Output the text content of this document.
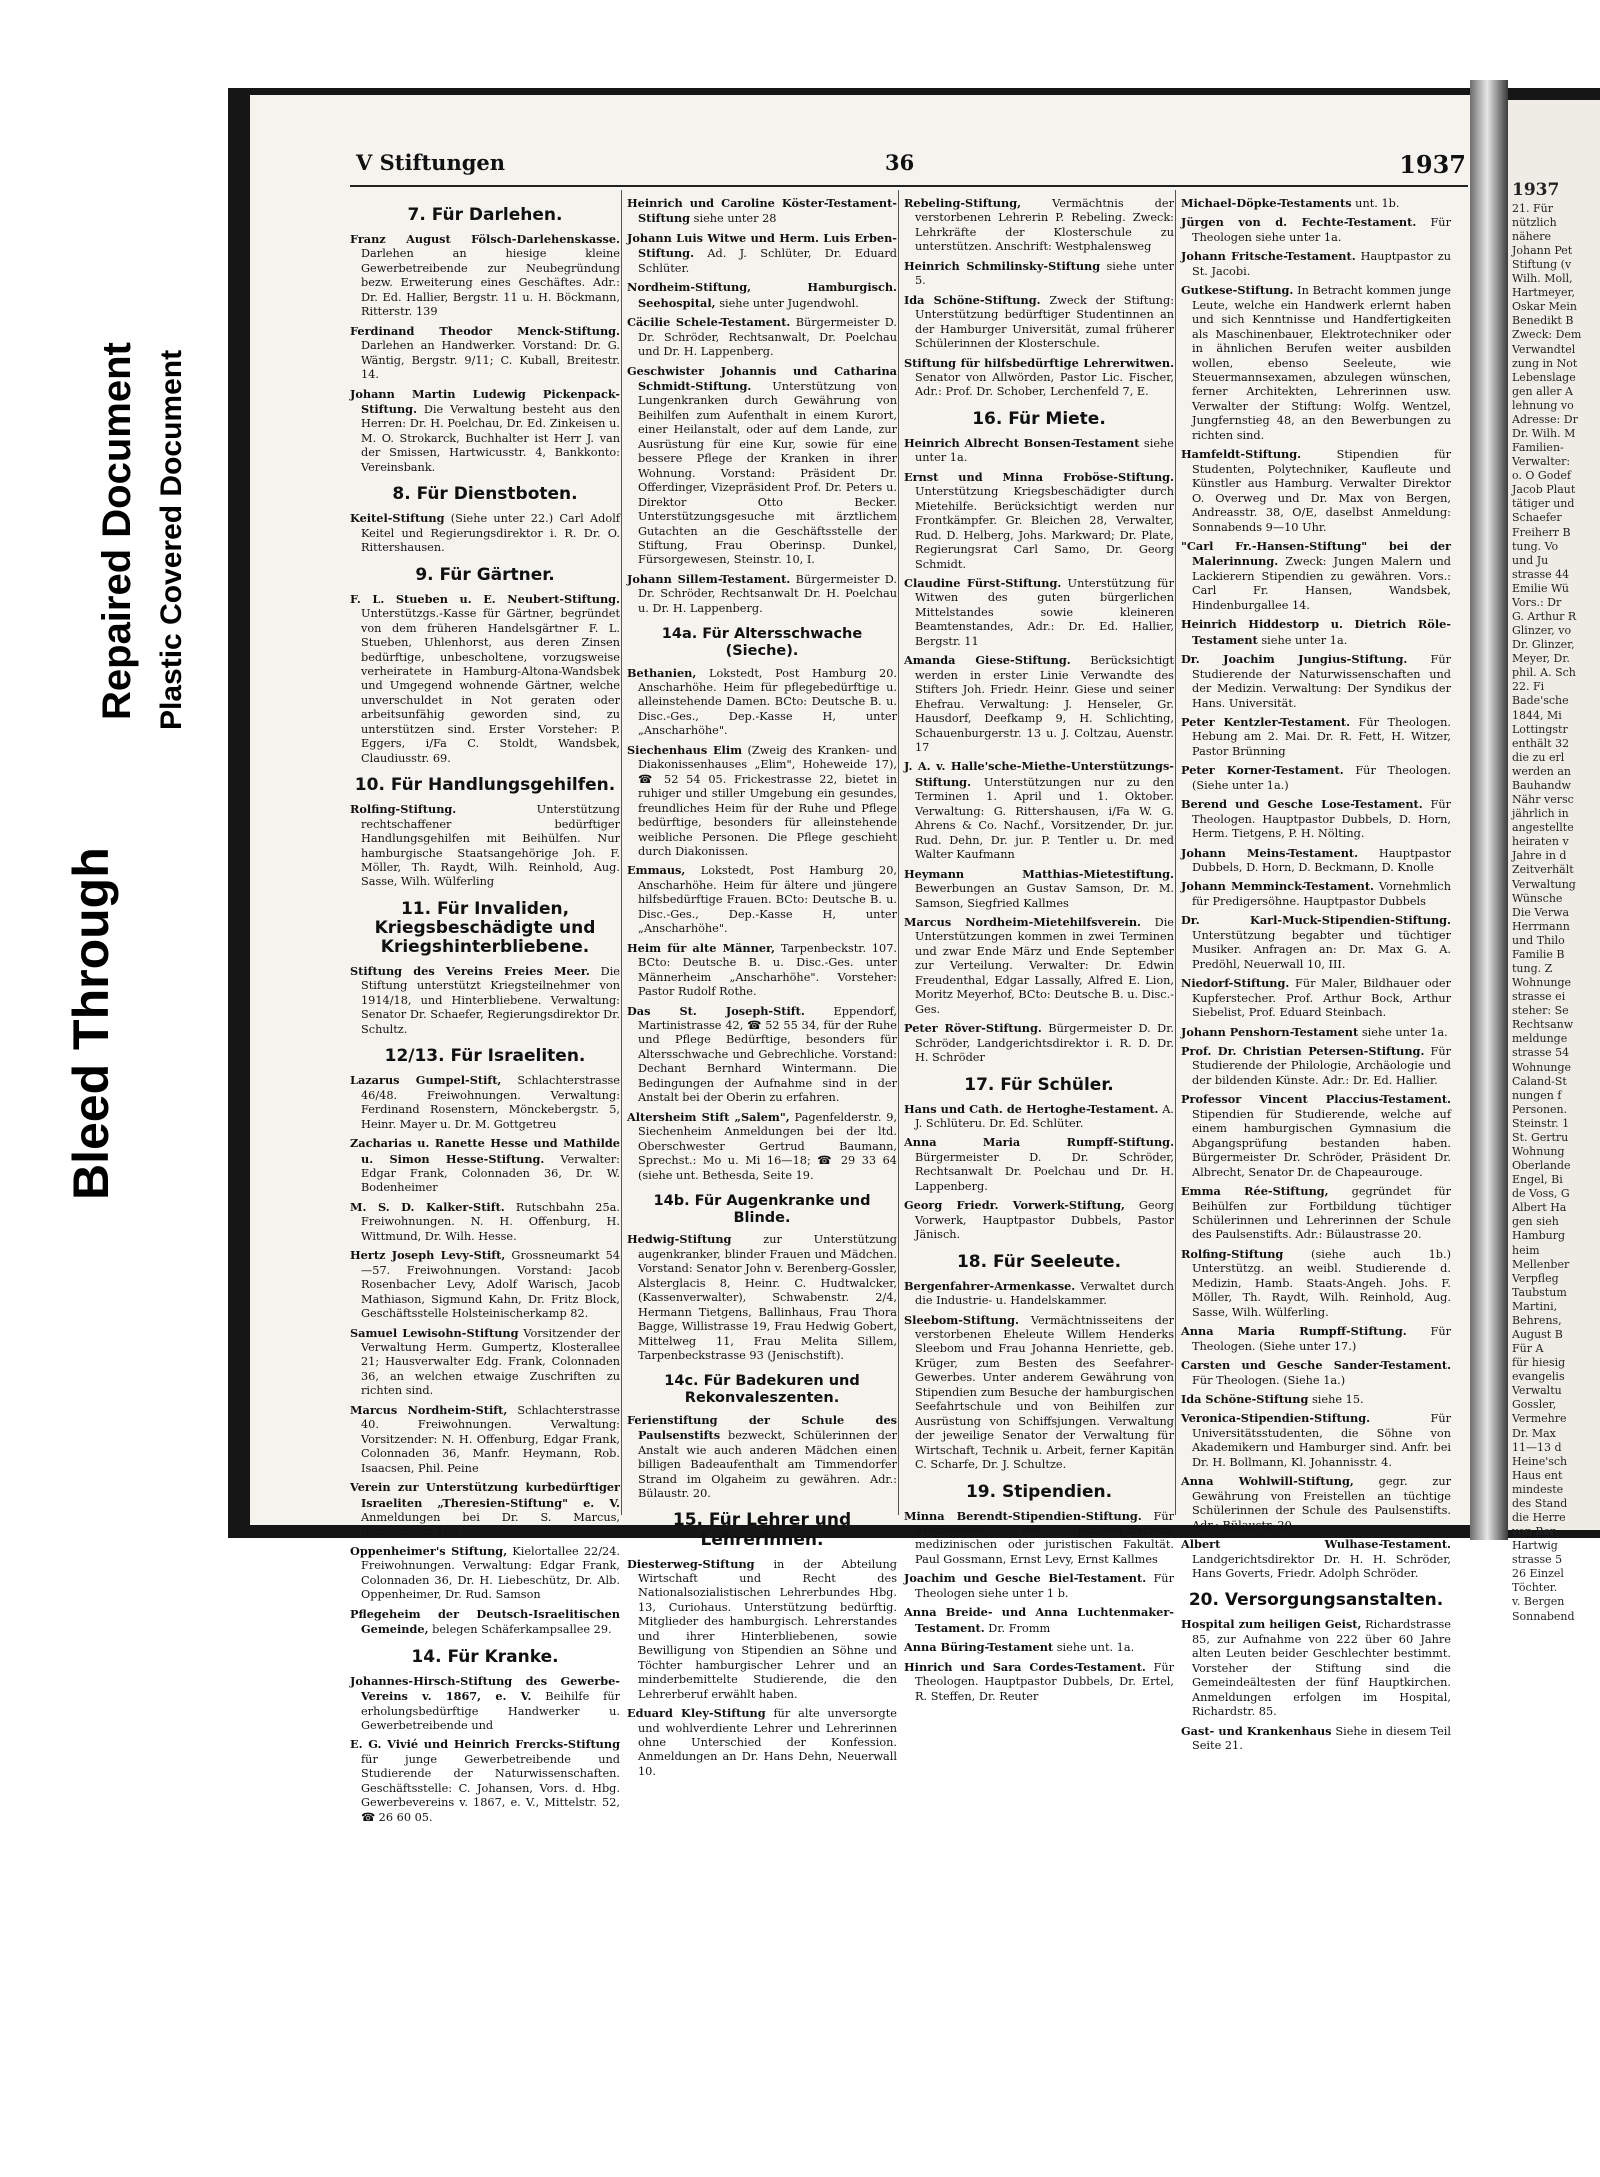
Bleed Through
Repaired Document Plastic Covered Document
1937
21. Für
nützlich
nähere
Johann Pet
Stiftung (v
Wilh. Moll,
Hartmeyer,
Oskar Mein
Benedikt B
Zweck: Dem
Verwandtel
zung in Not
Lebenslage
gen aller A
lehnung vo
Adresse: Dr
Dr. Wilh. M
Familien-
Verwalter:
o. O Godef
Jacob Plaut
tätiger und
Schaefer
Freiherr B
tung. Vo
und Ju
strasse 44
Emilie Wü
Vors.: Dr
G. Arthur R
Glinzer, vo
Dr. Glinzer,
Meyer, Dr.
phil. A. Sch
22. Fi
Bade'sche
1844, Mi
Lottingstr
enthält 32
die zu erl
werden an
Bauhandw
Nähr versc
jährlich in
angestellte
heiraten v
Jahre in d
Zeitverhält
Verwaltung
Wünsche
Die Verwa
Herrmann
und Thilo
Familie B
tung. Z
Wohnunge
strasse ei
steher: Se
Rechtsanw
meldunge
strasse 54
Wohnunge
Caland-St
nungen f
Personen.
Steinstr. 1
St. Gertru
Wohnung
Oberlande
Engel, Bi
de Voss, G
Albert Ha
gen sieh
Hamburg
heim
Mellenber
Verpfleg
Taubstum
Martini,
Behrens,
August B
Für A
für hiesig
evangelis
Verwaltu
Gossler,
Vermehre
Dr. Max
11—13 d
Heine'sch
Haus ent
mindeste
des Stand
die Herre
von Ber
Hartwig
strasse 5
26 Einzel
Töchter.
v. Bergen
Sonnabend
V Stiftungen	36	1937
7. Für Darlehen.
Franz August Fölsch-Darlehenskasse. Darlehen an hiesige kleine Gewerbetreibende zur Neubegründung bezw. Erweiterung eines Geschäftes. Adr.: Dr. Ed. Hallier, Bergstr. 11 u. H. Böckmann, Ritterstr. 139
Ferdinand Theodor Menck-Stiftung. Darlehen an Handwerker. Vorstand: Dr. G. Wäntig, Bergstr. 9/11; C. Kuball, Breitestr. 14.
Johann Martin Ludewig Pickenpack-Stiftung. Die Verwaltung besteht aus den Herren: Dr. H. Poelchau, Dr. Ed. Zinkeisen u. M. O. Strokarck, Buchhalter ist Herr J. van der Smissen, Hartwicusstr. 4, Bankkonto: Vereinsbank.
8. Für Dienstboten.
Keitel-Stiftung (Siehe unter 22.) Carl Adolf Keitel und Regierungsdirektor i. R. Dr. O. Rittershausen.
9. Für Gärtner.
F. L. Stueben u. E. Neubert-Stiftung. Unterstützgs.-Kasse für Gärtner, begründet von dem früheren Handelsgärtner F. L. Stueben, Uhlenhorst, aus deren Zinsen bedürftige, unbescholtene, vorzugsweise verheiratete in Hamburg-Altona-Wandsbek und Umgegend wohnende Gärtner, welche unverschuldet in Not geraten oder arbeitsunfähig geworden sind, zu unterstützen sind. Erster Vorsteher: P. Eggers, i/Fa C. Stoldt, Wandsbek, Claudiusstr. 69.
10. Für Handlungsgehilfen.
Rolfing-Stiftung. Unterstützung rechtschaffener bedürftiger Handlungsgehilfen mit Beihülfen. Nur hamburgische Staatsangehörige Joh. F. Möller, Th. Raydt, Wilh. Reinhold, Aug. Sasse, Wilh. Wülferling
11. Für Invaliden, Kriegsbeschädigte und Kriegshinterbliebene.
Stiftung des Vereins Freies Meer. Die Stiftung unterstützt Kriegsteilnehmer von 1914/18, und Hinterbliebene. Verwaltung: Senator Dr. Schaefer, Regierungsdirektor Dr. Schultz.
12/13. Für Israeliten.
Lazarus Gumpel-Stift, Schlachterstrasse 46/48. Freiwohnungen. Verwaltung: Ferdinand Rosenstern, Mönckebergstr. 5, Heinr. Mayer u. Dr. M. Gottgetreu
Zacharias u. Ranette Hesse und Mathilde u. Simon Hesse-Stiftung. Verwalter: Edgar Frank, Colonnaden 36, Dr. W. Bodenheimer
M. S. D. Kalker-Stift. Rutschbahn 25a. Freiwohnungen. N. H. Offenburg, H. Wittmund, Dr. Wilh. Hesse.
Hertz Joseph Levy-Stift, Grossneumarkt 54—57. Freiwohnungen. Vorstand: Jacob Rosenbacher Levy, Adolf Warisch, Jacob Mathiason, Sigmund Kahn, Dr. Fritz Block, Geschäftsstelle Holsteinischerkamp 82.
Samuel Lewisohn-Stiftung Vorsitzender der Verwaltung Herm. Gumpertz, Klosterallee 21; Hausverwalter Edg. Frank, Colonnaden 36, an welchen etwaige Zuschriften zu richten sind.
Marcus Nordheim-Stift, Schlachterstrasse 40. Freiwohnungen. Verwaltung: Vorsitzender: N. H. Offenburg, Edgar Frank, Colonnaden 36, Manfr. Heymann, Rob. Isaacsen, Phil. Peine
Verein zur Unterstützung kurbedürftiger Israeliten „Theresien-Stiftung" e. V. Anmeldungen bei Dr. S. Marcus, Bismarckstr. 108
Oppenheimer's Stiftung, Kielortallee 22/24. Freiwohnungen. Verwaltung: Edgar Frank, Colonnaden 36, Dr. H. Liebeschütz, Dr. Alb. Oppenheimer, Dr. Rud. Samson
Pflegeheim der Deutsch-Israelitischen Gemeinde, belegen Schäferkampsallee 29.
14. Für Kranke.
Johannes-Hirsch-Stiftung des Gewerbe-Vereins v. 1867, e. V. Beihilfe für erholungsbedürftige Handwerker u. Gewerbetreibende und
E. G. Vivié und Heinrich Frercks-Stiftung für junge Gewerbetreibende und Studierende der Naturwissenschaften. Geschäftsstelle: C. Johansen, Vors. d. Hbg. Gewerbevereins v. 1867, e. V., Mittelstr. 52, ☎ 26 60 05.
Heinrich und Caroline Köster-Testament-Stiftung siehe unter 28
Johann Luis Witwe und Herm. Luis Erben-Stiftung. Ad. J. Schlüter, Dr. Eduard Schlüter.
Nordheim-Stiftung, Hamburgisch. Seehospital, siehe unter Jugendwohl.
Cäcilie Schele-Testament. Bürgermeister D. Dr. Schröder, Rechtsanwalt, Dr. Poelchau und Dr. H. Lappenberg.
Geschwister Johannis und Catharina Schmidt-Stiftung. Unterstützung von Lungenkranken durch Gewährung von Beihilfen zum Aufenthalt in einem Kurort, einer Heilanstalt, oder auf dem Lande, zur Ausrüstung für eine Kur, sowie für eine bessere Pflege der Kranken in ihrer Wohnung. Vorstand: Präsident Dr. Offerdinger, Vizepräsident Prof. Dr. Peters u. Direktor Otto Becker. Unterstützungsgesuche mit ärztlichem Gutachten an die Geschäftsstelle der Stiftung, Frau Oberinsp. Dunkel, Fürsorgewesen, Steinstr. 10, I.
Johann Sillem-Testament. Bürgermeister D. Dr. Schröder, Rechtsanwalt Dr. H. Poelchau u. Dr. H. Lappenberg.
14a. Für Altersschwache (Sieche).
Bethanien, Lokstedt, Post Hamburg 20. Anscharhöhe. Heim für pflegebedürftige u. alleinstehende Damen. BCto: Deutsche B. u. Disc.-Ges., Dep.-Kasse H, unter „Anscharhöhe".
Siechenhaus Elim (Zweig des Kranken- und Diakonissenhauses „Elim", Hoheweide 17), ☎ 52 54 05. Frickestrasse 22, bietet in ruhiger und stiller Umgebung ein gesundes, freundliches Heim für der Ruhe und Pflege bedürftige, besonders für alleinstehende weibliche Personen. Die Pflege geschieht durch Diakonissen.
Emmaus, Lokstedt, Post Hamburg 20, Anscharhöhe. Heim für ältere und jüngere hilfsbedürftige Frauen. BCto: Deutsche B. u. Disc.-Ges., Dep.-Kasse H, unter „Anscharhöhe".
Heim für alte Männer, Tarpenbeckstr. 107. BCto: Deutsche B. u. Disc.-Ges. unter Männerheim „Anscharhöhe". Vorsteher: Pastor Rudolf Rothe.
Das St. Joseph-Stift. Eppendorf, Martinistrasse 42, ☎ 52 55 34, für der Ruhe und Pflege Bedürftige, besonders für Altersschwache und Gebrechliche. Vorstand: Dechant Bernhard Wintermann. Die Bedingungen der Aufnahme sind in der Anstalt bei der Oberin zu erfahren.
Altersheim Stift „Salem", Pagenfelderstr. 9, Siechenheim Anmeldungen bei der ltd. Oberschwester Gertrud Baumann, Sprechst.: Mo u. Mi 16—18; ☎ 29 33 64 (siehe unt. Bethesda, Seite 19.
14b. Für Augenkranke und Blinde.
Hedwig-Stiftung zur Unterstützung augenkranker, blinder Frauen und Mädchen. Vorstand: Senator John v. Berenberg-Gossler, Alsterglacis 8, Heinr. C. Hudtwalcker, (Kassenverwalter), Schwabenstr. 2/4, Hermann Tietgens, Ballinhaus, Frau Thora Bagge, Willistrasse 19, Frau Hedwig Gobert, Mittelweg 11, Frau Melita Sillem, Tarpenbeckstrasse 93 (Jenischstift).
14c. Für Badekuren und Rekonvaleszenten.
Ferienstiftung der Schule des Paulsenstifts bezweckt, Schülerinnen der Anstalt wie auch anderen Mädchen einen billigen Badeaufenthalt am Timmendorfer Strand im Olgaheim zu gewähren. Adr.: Bülaustr. 20.
15. Für Lehrer und Lehrerinnen.
Diesterweg-Stiftung in der Abteilung Wirtschaft und Recht des Nationalsozialistischen Lehrerbundes Hbg. 13, Curiohaus. Unterstützung bedürftig. Mitglieder des hamburgisch. Lehrerstandes und ihrer Hinterbliebenen, sowie Bewilligung von Stipendien an Söhne und Töchter hamburgischer Lehrer und an minderbemittelte Studierende, die den Lehrerberuf erwählt haben.
Eduard Kley-Stiftung für alte unversorgte und wohlverdiente Lehrer und Lehrerinnen ohne Unterschied der Konfession. Anmeldungen an Dr. Hans Dehn, Neuerwall 10.
Rebeling-Stiftung, Vermächtnis der verstorbenen Lehrerin P. Rebeling. Zweck: Lehrkräfte der Klosterschule zu unterstützen. Anschrift: Westphalensweg
Heinrich Schmilinsky-Stiftung siehe unter 5.
Ida Schöne-Stiftung. Zweck der Stiftung: Unterstützung bedürftiger Studentinnen an der Hamburger Universität, zumal früherer Schülerinnen der Klosterschule.
Stiftung für hilfsbedürftige Lehrerwitwen. Senator von Allwörden, Pastor Lic. Fischer, Adr.: Prof. Dr. Schober, Lerchenfeld 7, E.
16. Für Miete.
Heinrich Albrecht Bonsen-Testament siehe unter 1a.
Ernst und Minna Froböse-Stiftung. Unterstützung Kriegsbeschädigter durch Mietehilfe. Berücksichtigt werden nur Frontkämpfer. Gr. Bleichen 28, Verwalter, Rud. D. Helberg, Johs. Markward; Dr. Plate, Regierungsrat Carl Samo, Dr. Georg Schmidt.
Claudine Fürst-Stiftung. Unterstützung für Witwen des guten bürgerlichen Mittelstandes sowie kleineren Beamtenstandes, Adr.: Dr. Ed. Hallier, Bergstr. 11
Amanda Giese-Stiftung. Berücksichtigt werden in erster Linie Verwandte des Stifters Joh. Friedr. Heinr. Giese und seiner Ehefrau. Verwaltung: J. Henseler, Gr. Hausdorf, Deefkamp 9, H. Schlichting, Schauenburgerstr. 13 u. J. Coltzau, Auenstr. 17
J. A. v. Halle'sche-Miethe-Unterstützungs-Stiftung. Unterstützungen nur zu den Terminen 1. April und 1. Oktober. Verwaltung: G. Rittershausen, i/Fa W. G. Ahrens & Co. Nachf., Vorsitzender, Dr. jur. Rud. Dehn, Dr. jur. P. Tentler u. Dr. med Walter Kaufmann
Heymann Matthias-Mietestiftung. Bewerbungen an Gustav Samson, Dr. M. Samson, Siegfried Kallmes
Marcus Nordheim-Mietehilfsverein. Die Unterstützungen kommen in zwei Terminen und zwar Ende März und Ende September zur Verteilung. Verwalter: Dr. Edwin Freudenthal, Edgar Lassally, Alfred E. Lion, Moritz Meyerhof, BCto: Deutsche B. u. Disc.-Ges.
Peter Röver-Stiftung. Bürgermeister D. Dr. Schröder, Landgerichtsdirektor i. R. D. Dr. H. Schröder
17. Für Schüler.
Hans und Cath. de Hertoghe-Testament. A. J. Schlüteru. Dr. Ed. Schlüter.
Anna Maria Rumpff-Stiftung. Bürgermeister D. Dr. Schröder, Rechtsanwalt Dr. Poelchau und Dr. H. Lappenberg.
Georg Friedr. Vorwerk-Stiftung, Georg Vorwerk, Hauptpastor Dubbels, Pastor Jänisch.
18. Für Seeleute.
Bergenfahrer-Armenkasse. Verwaltet durch die Industrie- u. Handelskammer.
Sleebom-Stiftung. Vermächtnisseitens der verstorbenen Eheleute Willem Henderks Sleebom und Frau Johanna Henriette, geb. Krüger, zum Besten des Seefahrer-Gewerbes. Unter anderem Gewährung von Stipendien zum Besuche der hamburgischen Seefahrtschule und von Beihilfen zur Ausrüstung von Schiffsjungen. Verwaltung der jeweilige Senator der Verwaltung für Wirtschaft, Technik u. Arbeit, ferner Kapitän C. Scharfe, Dr. J. Schultze.
19. Stipendien.
Minna Berendt-Stipendien-Stiftung. Für Studierende der philosophischen, medizinischen oder juristischen Fakultät. Paul Gossmann, Ernst Levy, Ernst Kallmes
Joachim und Gesche Biel-Testament. Für Theologen siehe unter 1 b.
Anna Breide- und Anna Luchtenmaker-Testament. Dr. Fromm
Anna Büring-Testament siehe unt. 1a.
Hinrich und Sara Cordes-Testament. Für Theologen. Hauptpastor Dubbels, Dr. Ertel, R. Steffen, Dr. Reuter
Michael-Döpke-Testaments unt. 1b.
Jürgen von d. Fechte-Testament. Für Theologen siehe unter 1a.
Johann Fritsche-Testament. Hauptpastor zu St. Jacobi.
Gutkese-Stiftung. In Betracht kommen junge Leute, welche ein Handwerk erlernt haben und sich Kenntnisse und Handfertigkeiten als Maschinenbauer, Elektrotechniker oder in ähnlichen Berufen weiter ausbilden wollen, ebenso Seeleute, wie Steuermannsexamen, abzulegen wünschen, ferner Architekten, Lehrerinnen usw. Verwalter der Stiftung: Wolfg. Wentzel, Jungfernstieg 48, an den Bewerbungen zu richten sind.
Hamfeldt-Stiftung. Stipendien für Studenten, Polytechniker, Kaufleute und Künstler aus Hamburg. Verwalter Direktor O. Overweg und Dr. Max von Bergen, Andreasstr. 38, O/E, daselbst Anmeldung: Sonnabends 9—10 Uhr.
"Carl Fr.-Hansen-Stiftung" bei der Malerinnung. Zweck: Jungen Malern und Lackierern Stipendien zu gewähren. Vors.: Carl Fr. Hansen, Wandsbek, Hindenburgallee 14.
Heinrich Hiddestorp u. Dietrich Röle-Testament siehe unter 1a.
Dr. Joachim Jungius-Stiftung. Für Studierende der Naturwissenschaften und der Medizin. Verwaltung: Der Syndikus der Hans. Universität.
Peter Kentzler-Testament. Für Theologen. Hebung am 2. Mai. Dr. R. Fett, H. Witzer, Pastor Brünning
Peter Korner-Testament. Für Theologen. (Siehe unter 1a.)
Berend und Gesche Lose-Testament. Für Theologen. Hauptpastor Dubbels, D. Horn, Herm. Tietgens, P. H. Nölting.
Johann Meins-Testament. Hauptpastor Dubbels, D. Horn, D. Beckmann, D. Knolle
Johann Memminck-Testament. Vornehmlich für Predigersöhne. Hauptpastor Dubbels
Dr. Karl-Muck-Stipendien-Stiftung. Unterstützung begabter und tüchtiger Musiker. Anfragen an: Dr. Max G. A. Predöhl, Neuerwall 10, III.
Niedorf-Stiftung. Für Maler, Bildhauer oder Kupferstecher. Prof. Arthur Bock, Arthur Siebelist, Prof. Eduard Steinbach.
Johann Penshorn-Testament siehe unter 1a.
Prof. Dr. Christian Petersen-Stiftung. Für Studierende der Philologie, Archäologie und der bildenden Künste. Adr.: Dr. Ed. Hallier.
Professor Vincent Placcius-Testament. Stipendien für Studierende, welche auf einem hamburgischen Gymnasium die Abgangsprüfung bestanden haben. Bürgermeister Dr. Schröder, Präsident Dr. Albrecht, Senator Dr. de Chapeaurouge.
Emma Rée-Stiftung, gegründet für Beihülfen zur Fortbildung tüchtiger Schülerinnen und Lehrerinnen der Schule des Paulsenstifts. Adr.: Bülaustrasse 20.
Rolfing-Stiftung (siehe auch 1b.) Unterstützg. an weibl. Studierende d. Medizin, Hamb. Staats-Angeh. Johs. F. Möller, Th. Raydt, Wilh. Reinhold, Aug. Sasse, Wilh. Wülferling.
Anna Maria Rumpff-Stiftung. Für Theologen. (Siehe unter 17.)
Carsten und Gesche Sander-Testament. Für Theologen. (Siehe 1a.)
Ida Schöne-Stiftung siehe 15.
Veronica-Stipendien-Stiftung. Für Universitätsstudenten, die Söhne von Akademikern und Hamburger sind. Anfr. bei Dr. H. Bollmann, Kl. Johannisstr. 4.
Anna Wohlwill-Stiftung, gegr. zur Gewährung von Freistellen an tüchtige Schülerinnen der Schule des Paulsenstifts. Adr.: Bülaustr. 20.
Albert Wulhase-Testament. Landgerichtsdirektor Dr. H. H. Schröder, Hans Goverts, Friedr. Adolph Schröder.
20. Versorgungsanstalten.
Hospital zum heiligen Geist, Richardstrasse 85, zur Aufnahme von 222 über 60 Jahre alten Leuten beider Geschlechter bestimmt. Vorsteher der Stiftung sind die Gemeindeältesten der fünf Hauptkirchen. Anmeldungen erfolgen im Hospital, Richardstr. 85.
Gast- und Krankenhaus Siehe in diesem Teil Seite 21.
